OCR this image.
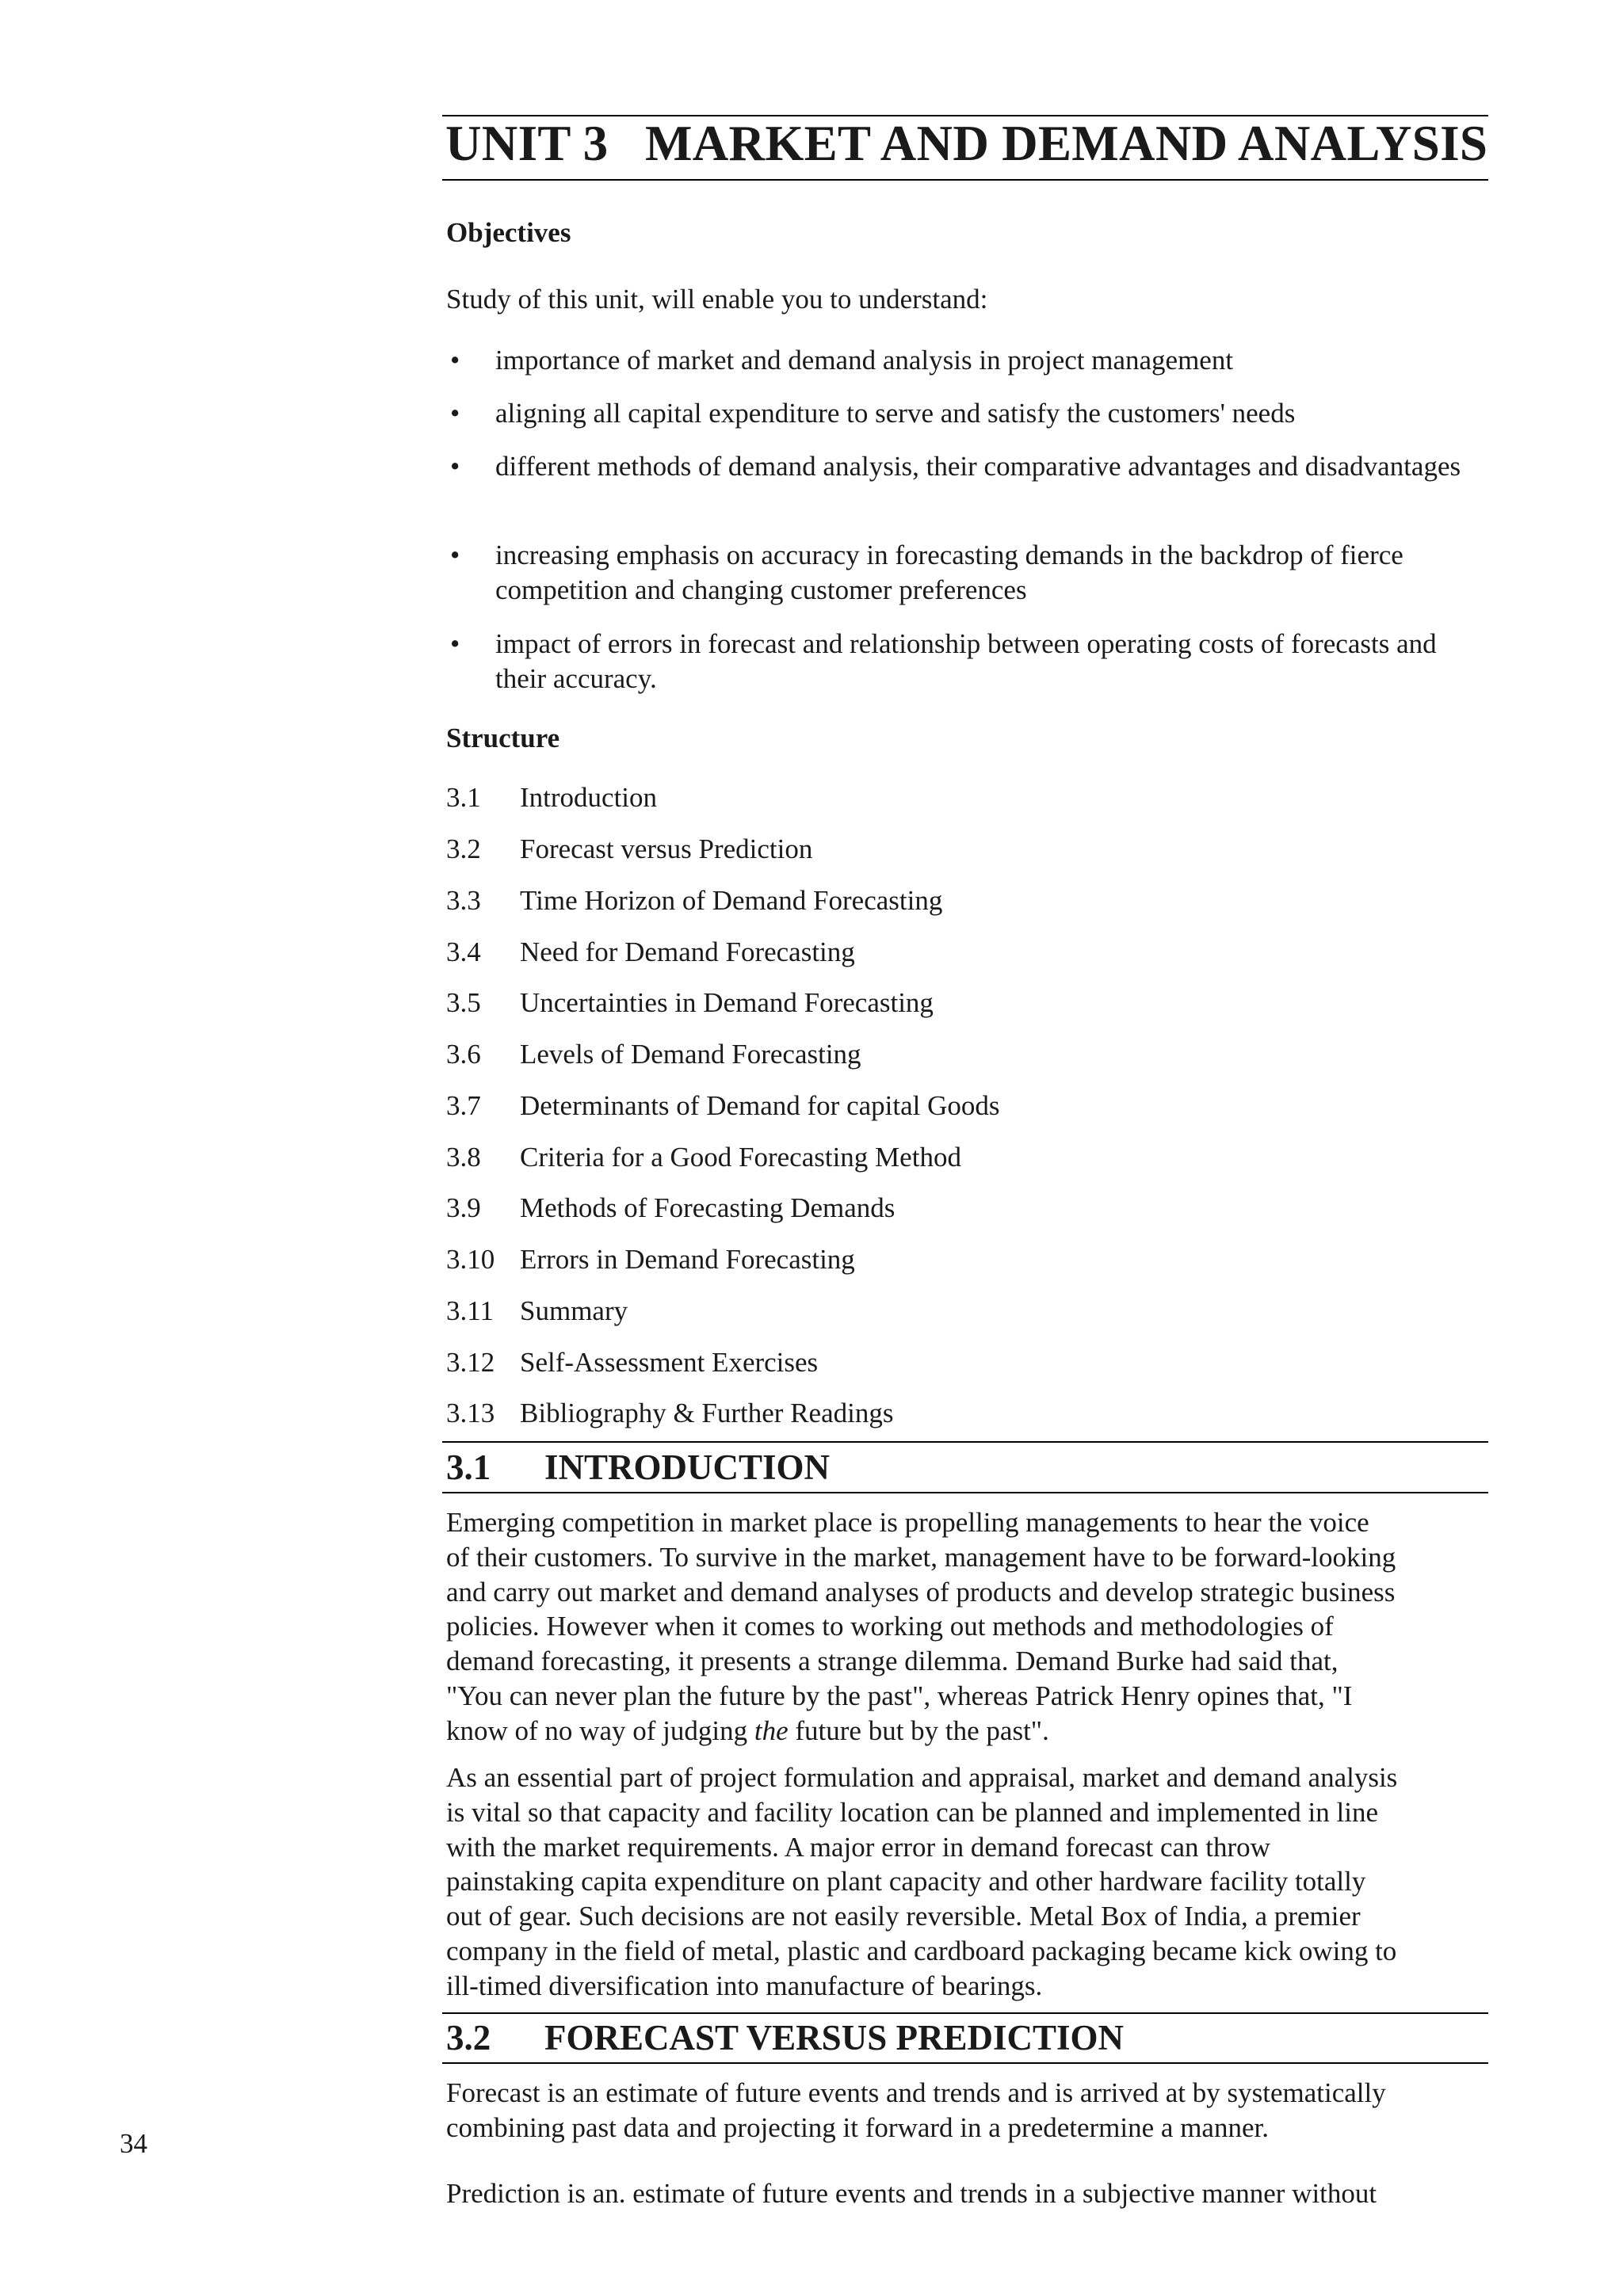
UNIT 3 MARKET AND DEMAND ANALYSIS
Objectives
Study of this unit, will enable you to understand:
• importance of market and demand analysis in project management
• aligning all capital expenditure to serve and satisfy the customers' needs
• different methods of demand analysis, their comparative advantages and disadvantages
• increasing emphasis on accuracy in forecasting demands in the backdrop of fierce competition and changing customer preferences
• impact of errors in forecast and relationship between operating costs of forecasts and their accuracy.
Structure
3.1 Introduction
3.2 Forecast versus Prediction
3.3 Time Horizon of Demand Forecasting
3.4 Need for Demand Forecasting
3.5 Uncertainties in Demand Forecasting
3.6 Levels of Demand Forecasting
3.7 Determinants of Demand for capital Goods
3.8 Criteria for a Good Forecasting Method
3.9 Methods of Forecasting Demands
3.10 Errors in Demand Forecasting
3.11 Summary
3.12 Self-Assessment Exercises
3.13 Bibliography & Further Readings
3.1 INTRODUCTION
Emerging competition in market place is propelling managements to hear the voice
of their customers. To survive in the market, management have to be forward-looking
and carry out market and demand analyses of products and develop strategic business
policies. However when it comes to working out methods and methodologies of
demand forecasting, it presents a strange dilemma. Demand Burke had said that,
"You can never plan the future by the past", whereas Patrick Henry opines that, "I
know of no way of judging the future but by the past".
As an essential part of project formulation and appraisal, market and demand analysis
is vital so that capacity and facility location can be planned and implemented in line
with the market requirements. A major error in demand forecast can throw
painstaking capita expenditure on plant capacity and other hardware facility totally
out of gear. Such decisions are not easily reversible. Metal Box of India, a premier
company in the field of metal, plastic and cardboard packaging became kick owing to
ill-timed diversification into manufacture of bearings.
3.2 FORECAST VERSUS PREDICTION
Forecast is an estimate of future events and trends and is arrived at by systematically
combining past data and projecting it forward in a predetermine a manner.
Prediction is an. estimate of future events and trends in a subjective manner without
34
